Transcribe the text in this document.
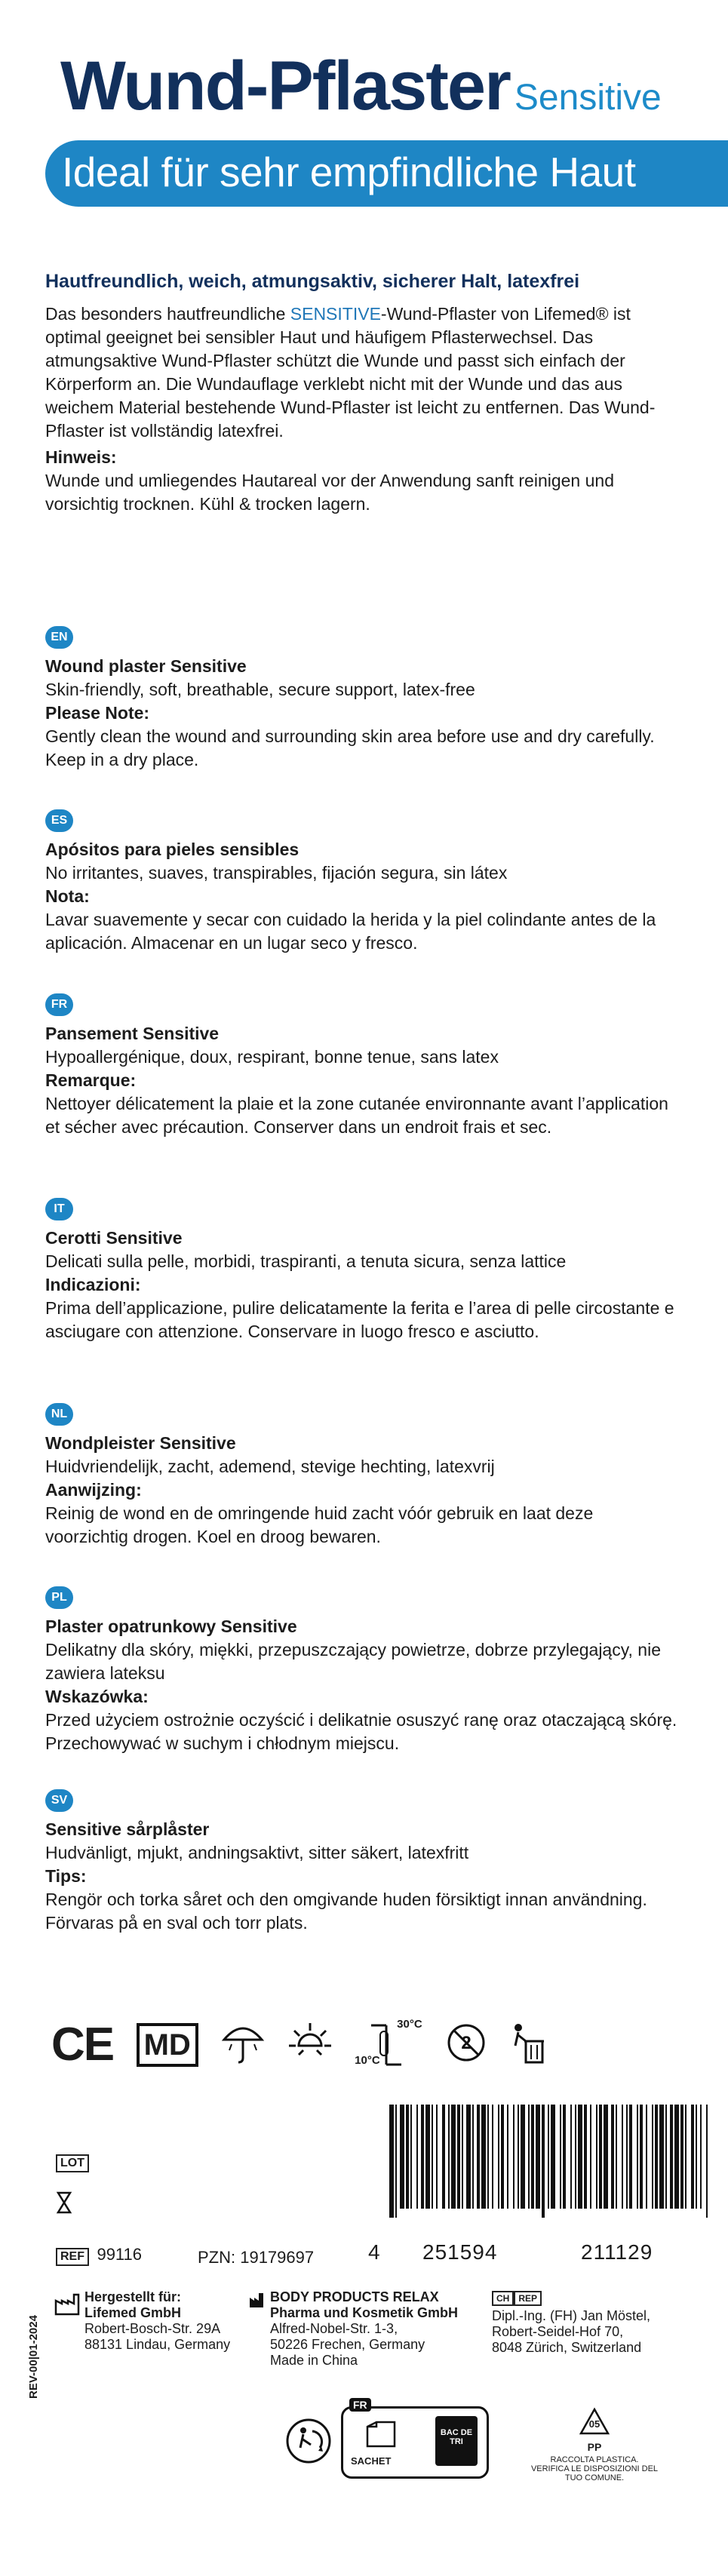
Wund-Pflaster Sensitive
Ideal für sehr empfindliche Haut

Hautfreundlich, weich, atmungsaktiv, sicherer Halt, latexfrei

Das besonders hautfreundliche SENSITIVE-Wund-Pflaster von Lifemed® ist optimal geeignet bei sensibler Haut und häufigem Pflasterwechsel. Das atmungsaktive Wund-Pflaster schützt die Wunde und passt sich einfach der Körperform an. Die Wundauflage verklebt nicht mit der Wunde und das aus weichem Material bestehende Wund-Pflaster ist leicht zu entfernen. Das Wund-Pflaster ist vollständig latexfrei.

Hinweis:

Wunde und umliegendes Hautareal vor der Anwendung sanft reinigen und vorsichtig trocknen. Kühl & trocken lagern.

EN

Wound plaster Sensitive

Skin-friendly, soft, breathable, secure support, latex-free

Please Note:

Gently clean the wound and surrounding skin area before use and dry carefully. Keep in a dry place.

ES

Apósitos para pieles sensibles

No irritantes, suaves, transpirables, fijación segura, sin látex

Nota:

Lavar suavemente y secar con cuidado la herida y la piel colindante antes de la aplicación. Almacenar en un lugar seco y fresco.

FR

Pansement Sensitive

Hypoallergénique, doux, respirant, bonne tenue, sans latex

Remarque:

Nettoyer délicatement la plaie et la zone cutanée environnante avant l’application et sécher avec précaution. Conserver dans un endroit frais et sec.

IT

Cerotti Sensitive

Delicati sulla pelle, morbidi, traspiranti, a tenuta sicura, senza lattice

Indicazioni:

Prima dell’applicazione, pulire delicatamente la ferita e l’area di pelle circostante e asciugare con attenzione. Conservare in luogo fresco e asciutto.

NL

Wondpleister Sensitive

Huidvriendelijk, zacht, ademend, stevige hechting, latexvrij

Aanwijzing:

Reinig de wond en de omringende huid zacht vóór gebruik en laat deze voorzichtig drogen. Koel en droog bewaren.

PL

Plaster opatrunkowy Sensitive

Delikatny dla skóry, miękki, przepuszczający powietrze, dobrze przylegający, nie zawiera lateksu

Wskazówka:

Przed użyciem ostrożnie oczyścić i delikatnie osuszyć ranę oraz otaczającą skórę. Przechowywać w suchym i chłodnym miejscu.

SV

Sensitive sårplåster

Hudvänligt, mjukt, andningsaktivt, sitter säkert, latexfritt

Tips:

Rengör och torka såret och den omgivande huden försiktigt innan användning. Förvaras på en sval och torr plats.

CE MD
30°C
10°C

2

LOT
REF 99116	PZN: 19179697	4 251594	211129
REV-00|01-2024
Hergestellt für:
Lifemed GmbH
Robert-Bosch-Str. 29A
88131 Lindau, Germany
BODY PRODUCTS RELAX
Pharma und Kosmetik GmbH
Alfred-Nobel-Str. 1-3,
50226 Frechen, Germany
Made in China
CH REP
Dipl.-Ing. (FH) Jan Möstel,
Robert-Seidel-Hof 70,
8048 Zürich, Switzerland
FR
SACHET
BAC DE TRI
05
PP
RACCOLTA PLASTICA.
VERIFICA LE DISPOSIZIONI DEL
TUO COMUNE.
